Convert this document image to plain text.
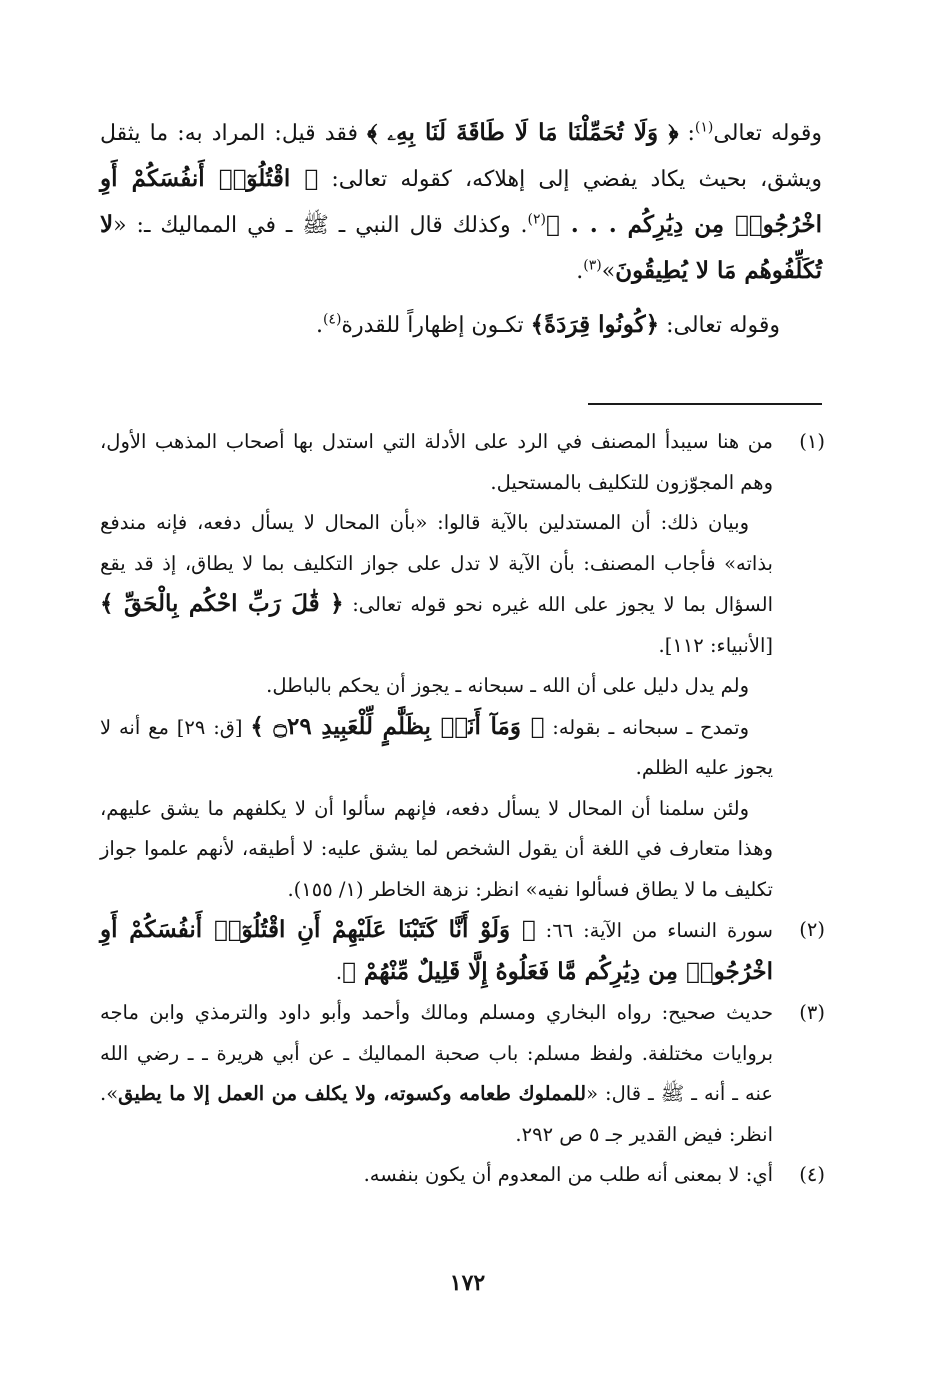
وقوله تعالى$^{(١)}$: ﴿ وَلَا تُحَمِّلْنَا مَا لَا طَاقَةَ لَنَا بِهِۦ ﴾ فقد قيل: المراد به: ما يثقل ويشق، بحيث يكاد يفضي إلى إهلاكه، كقوله تعالى: ﴿ اقْتُلُوٓا۟ أَنفُسَكُمْ أَوِ اخْرُجُوا۟ مِن دِيَٰرِكُم . . . ﴾$^{(٢)}$. وكذلك قال النبي ـ ﷺ ـ في المماليك ـ: «لا تُكَلِّفُوهُم مَا لا يُطِيقُونَ»$^{(٣)}$.

وقوله تعالى: ﴿كُونُوا قِرَدَةً﴾ تكـون إظهاراً للقدرة$^{(٤)}$.

(١)

من هنا سيبدأ المصنف في الرد على الأدلة التي استدل بها أصحاب المذهب الأول، وهم المجوّزون للتكليف بالمستحيل.

وبيان ذلك: أن المستدلين بالآية قالوا: «بأن المحال لا يسأل دفعه، فإنه مندفع بذاته» فأجاب المصنف: بأن الآية لا تدل على جواز التكليف بما لا يطاق، إذ قد يقع السؤال بما لا يجوز على الله غيره نحو قوله تعالى: ﴿ قَٰلَ رَبِّ احْكُم بِالْحَقِّ ﴾ [الأنبياء: ١١٢].

ولم يدل دليل على أن الله ـ سبحانه ـ يجوز أن يحكم بالباطل.

وتمدح ـ سبحانه ـ بقوله: ﴿ وَمَآ أَنَا۠ بِظَلَّٰمٍ لِّلْعَبِيدِ ۝٢٩ ﴾ [ق: ٢٩] مع أنه لا يجوز عليه الظلم.

ولئن سلمنا أن المحال لا يسأل دفعه، فإنهم سألوا أن لا يكلفهم ما يشق عليهم، وهذا متعارف في اللغة أن يقول الشخص لما يشق عليه: لا أطيقه، لأنهم علموا جواز تكليف ما لا يطاق فسألوا نفيه» انظر: نزهة الخاطر (١/ ١٥٥).

(٢)

سورة النساء من الآية: ٦٦: ﴿ وَلَوْ أَنَّا كَتَبْنَا عَلَيْهِمْ أَنِ اقْتُلُوٓا۟ أَنفُسَكُمْ أَوِ اخْرُجُوا۟ مِن دِيَٰرِكُم مَّا فَعَلُوهُ إِلَّا قَلِيلٌ مِّنْهُمْ ﴾.

(٣)

حديث صحيح: رواه البخاري ومسلم ومالك وأحمد وأبو داود والترمذي وابن ماجه بروايات مختلفة. ولفظ مسلم: باب صحبة المماليك ـ عن أبي هريرة ـ ـ رضي الله عنه ـ أنه ـ ﷺ ـ قال: «للمملوك طعامه وكسوته، ولا يكلف من العمل إلا ما يطيق». انظر: فيض القدير جـ ٥ ص ٢٩٢.

(٤)

أي: لا بمعنى أنه طلب من المعدوم أن يكون بنفسه.

١٧٢
